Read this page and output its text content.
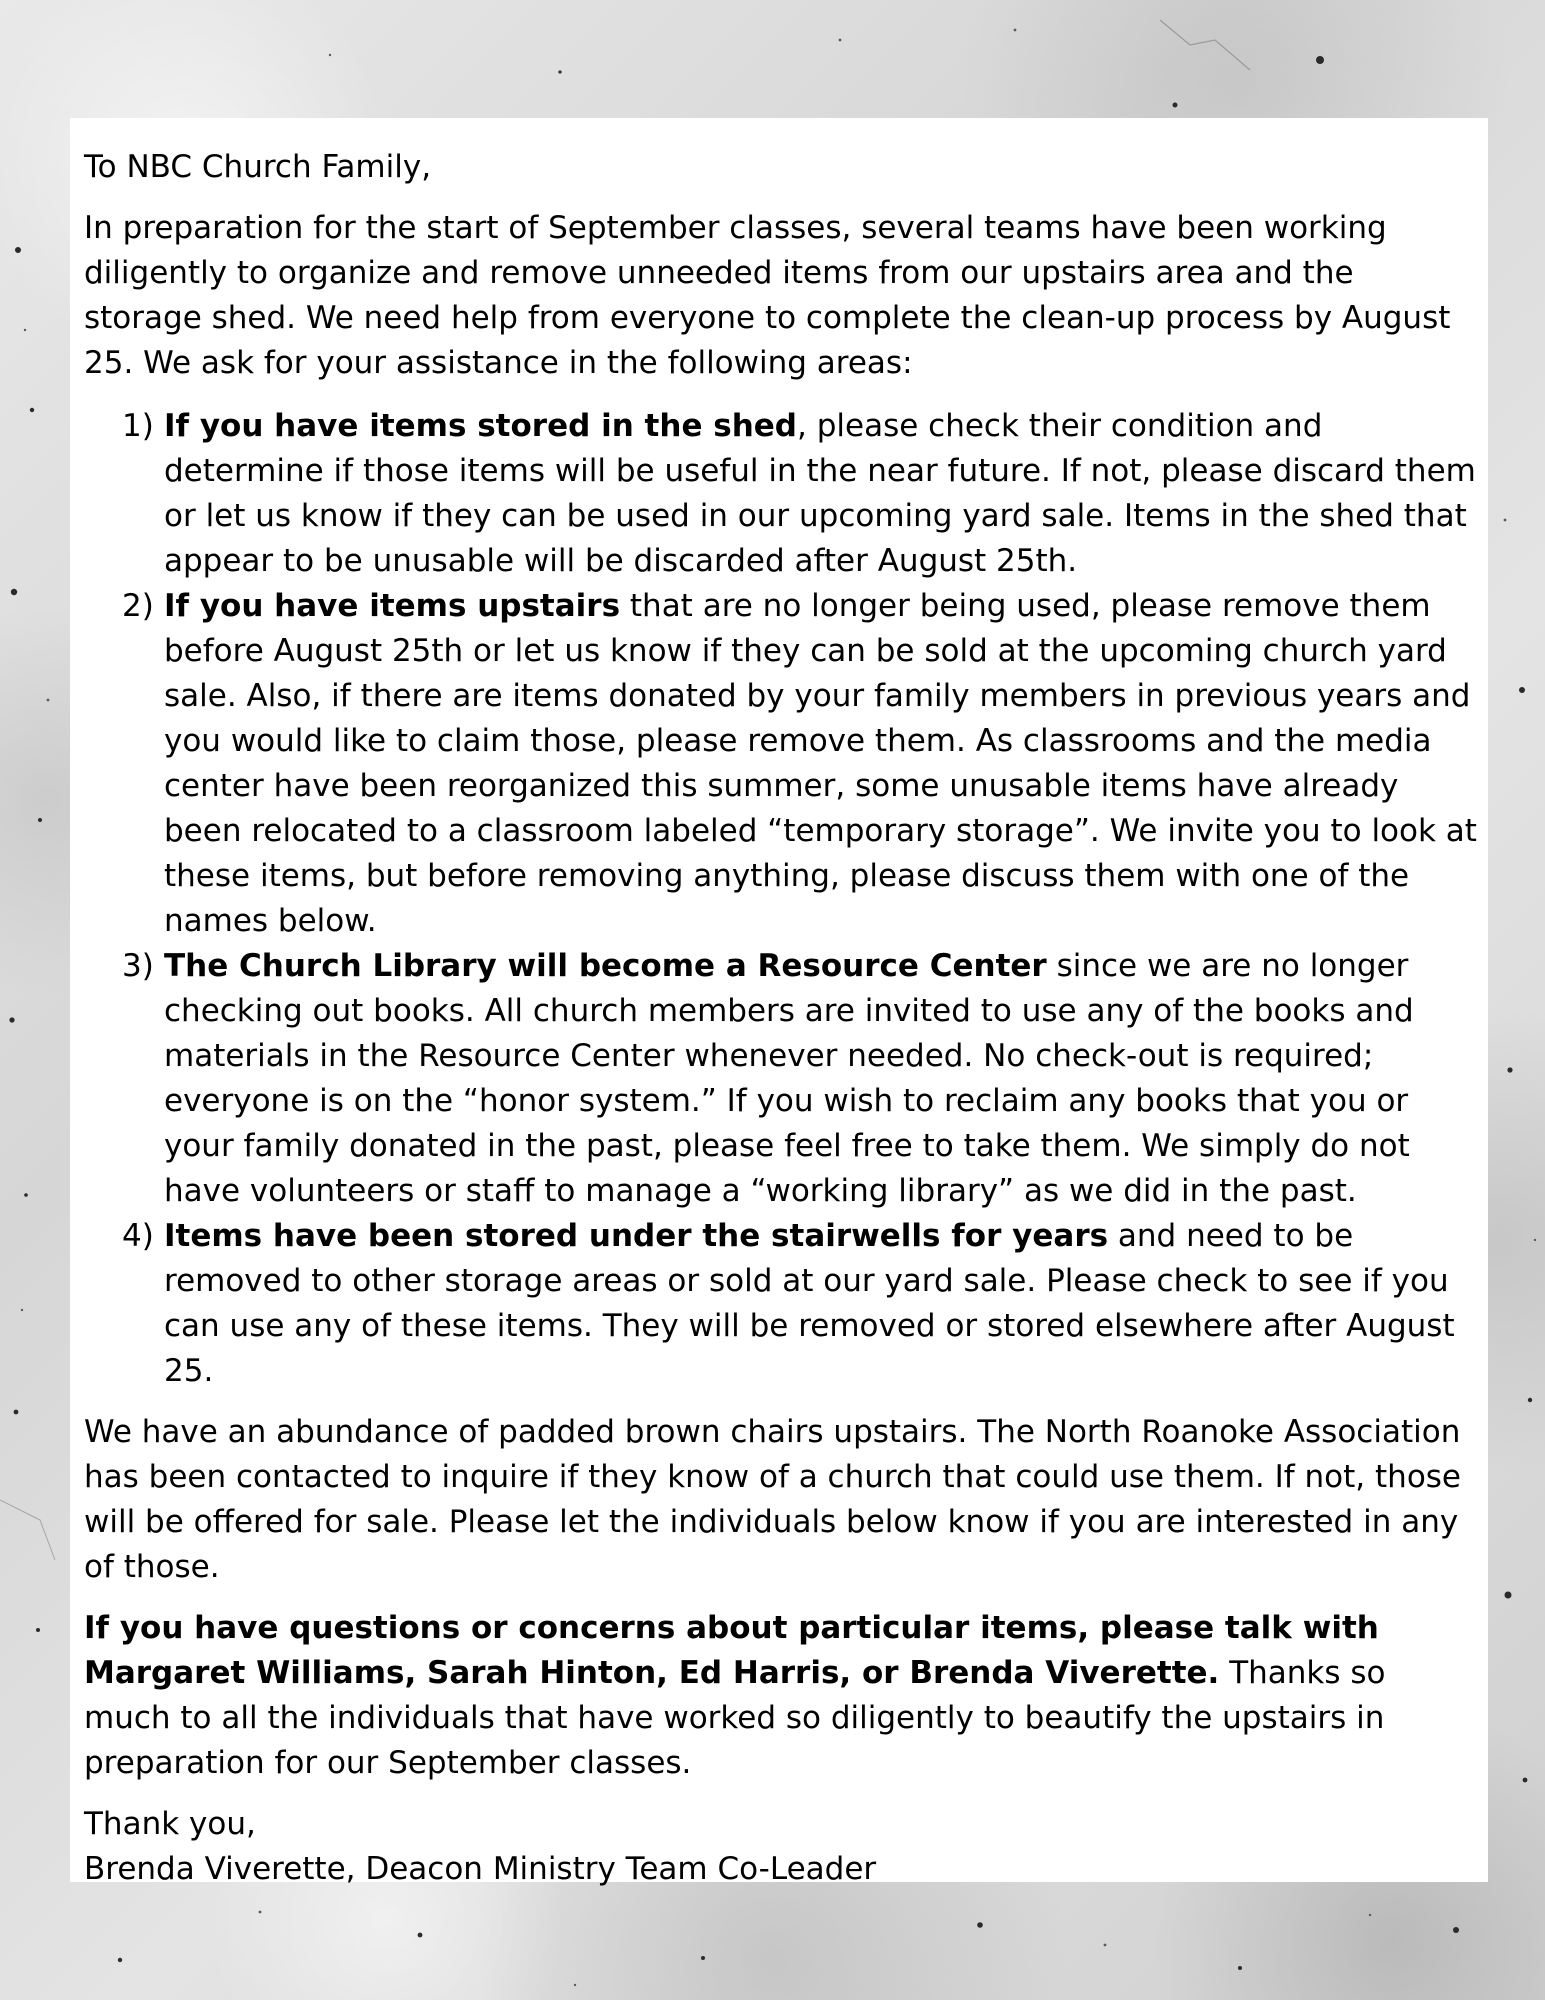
To NBC Church Family,

In preparation for the start of September classes, several teams have been working diligently to organize and remove unneeded items from our upstairs area and the storage shed. We need help from everyone to complete the clean-up process by August 25. We ask for your assistance in the following areas:

1) If you have items stored in the shed, please check their condition and determine if those items will be useful in the near future. If not, please discard them or let us know if they can be used in our upcoming yard sale. Items in the shed that appear to be unusable will be discarded after August 25th.
2) If you have items upstairs that are no longer being used, please remove them before August 25th or let us know if they can be sold at the upcoming church yard sale. Also, if there are items donated by your family members in previous years and you would like to claim those, please remove them. As classrooms and the media center have been reorganized this summer, some unusable items have already been relocated to a classroom labeled “temporary storage”. We invite you to look at these items, but before removing anything, please discuss them with one of the names below.
3) The Church Library will become a Resource Center since we are no longer checking out books. All church members are invited to use any of the books and materials in the Resource Center whenever needed. No check-out is required; everyone is on the “honor system.” If you wish to reclaim any books that you or your family donated in the past, please feel free to take them. We simply do not have volunteers or staff to manage a “working library” as we did in the past.
4) Items have been stored under the stairwells for years and need to be removed to other storage areas or sold at our yard sale. Please check to see if you can use any of these items. They will be removed or stored elsewhere after August 25.

We have an abundance of padded brown chairs upstairs. The North Roanoke Association has been contacted to inquire if they know of a church that could use them. If not, those will be offered for sale. Please let the individuals below know if you are interested in any of those.

If you have questions or concerns about particular items, please talk with Margaret Williams, Sarah Hinton, Ed Harris, or Brenda Viverette. Thanks so much to all the individuals that have worked so diligently to beautify the upstairs in preparation for our September classes.

Thank you,

Brenda Viverette, Deacon Ministry Team Co-Leader
